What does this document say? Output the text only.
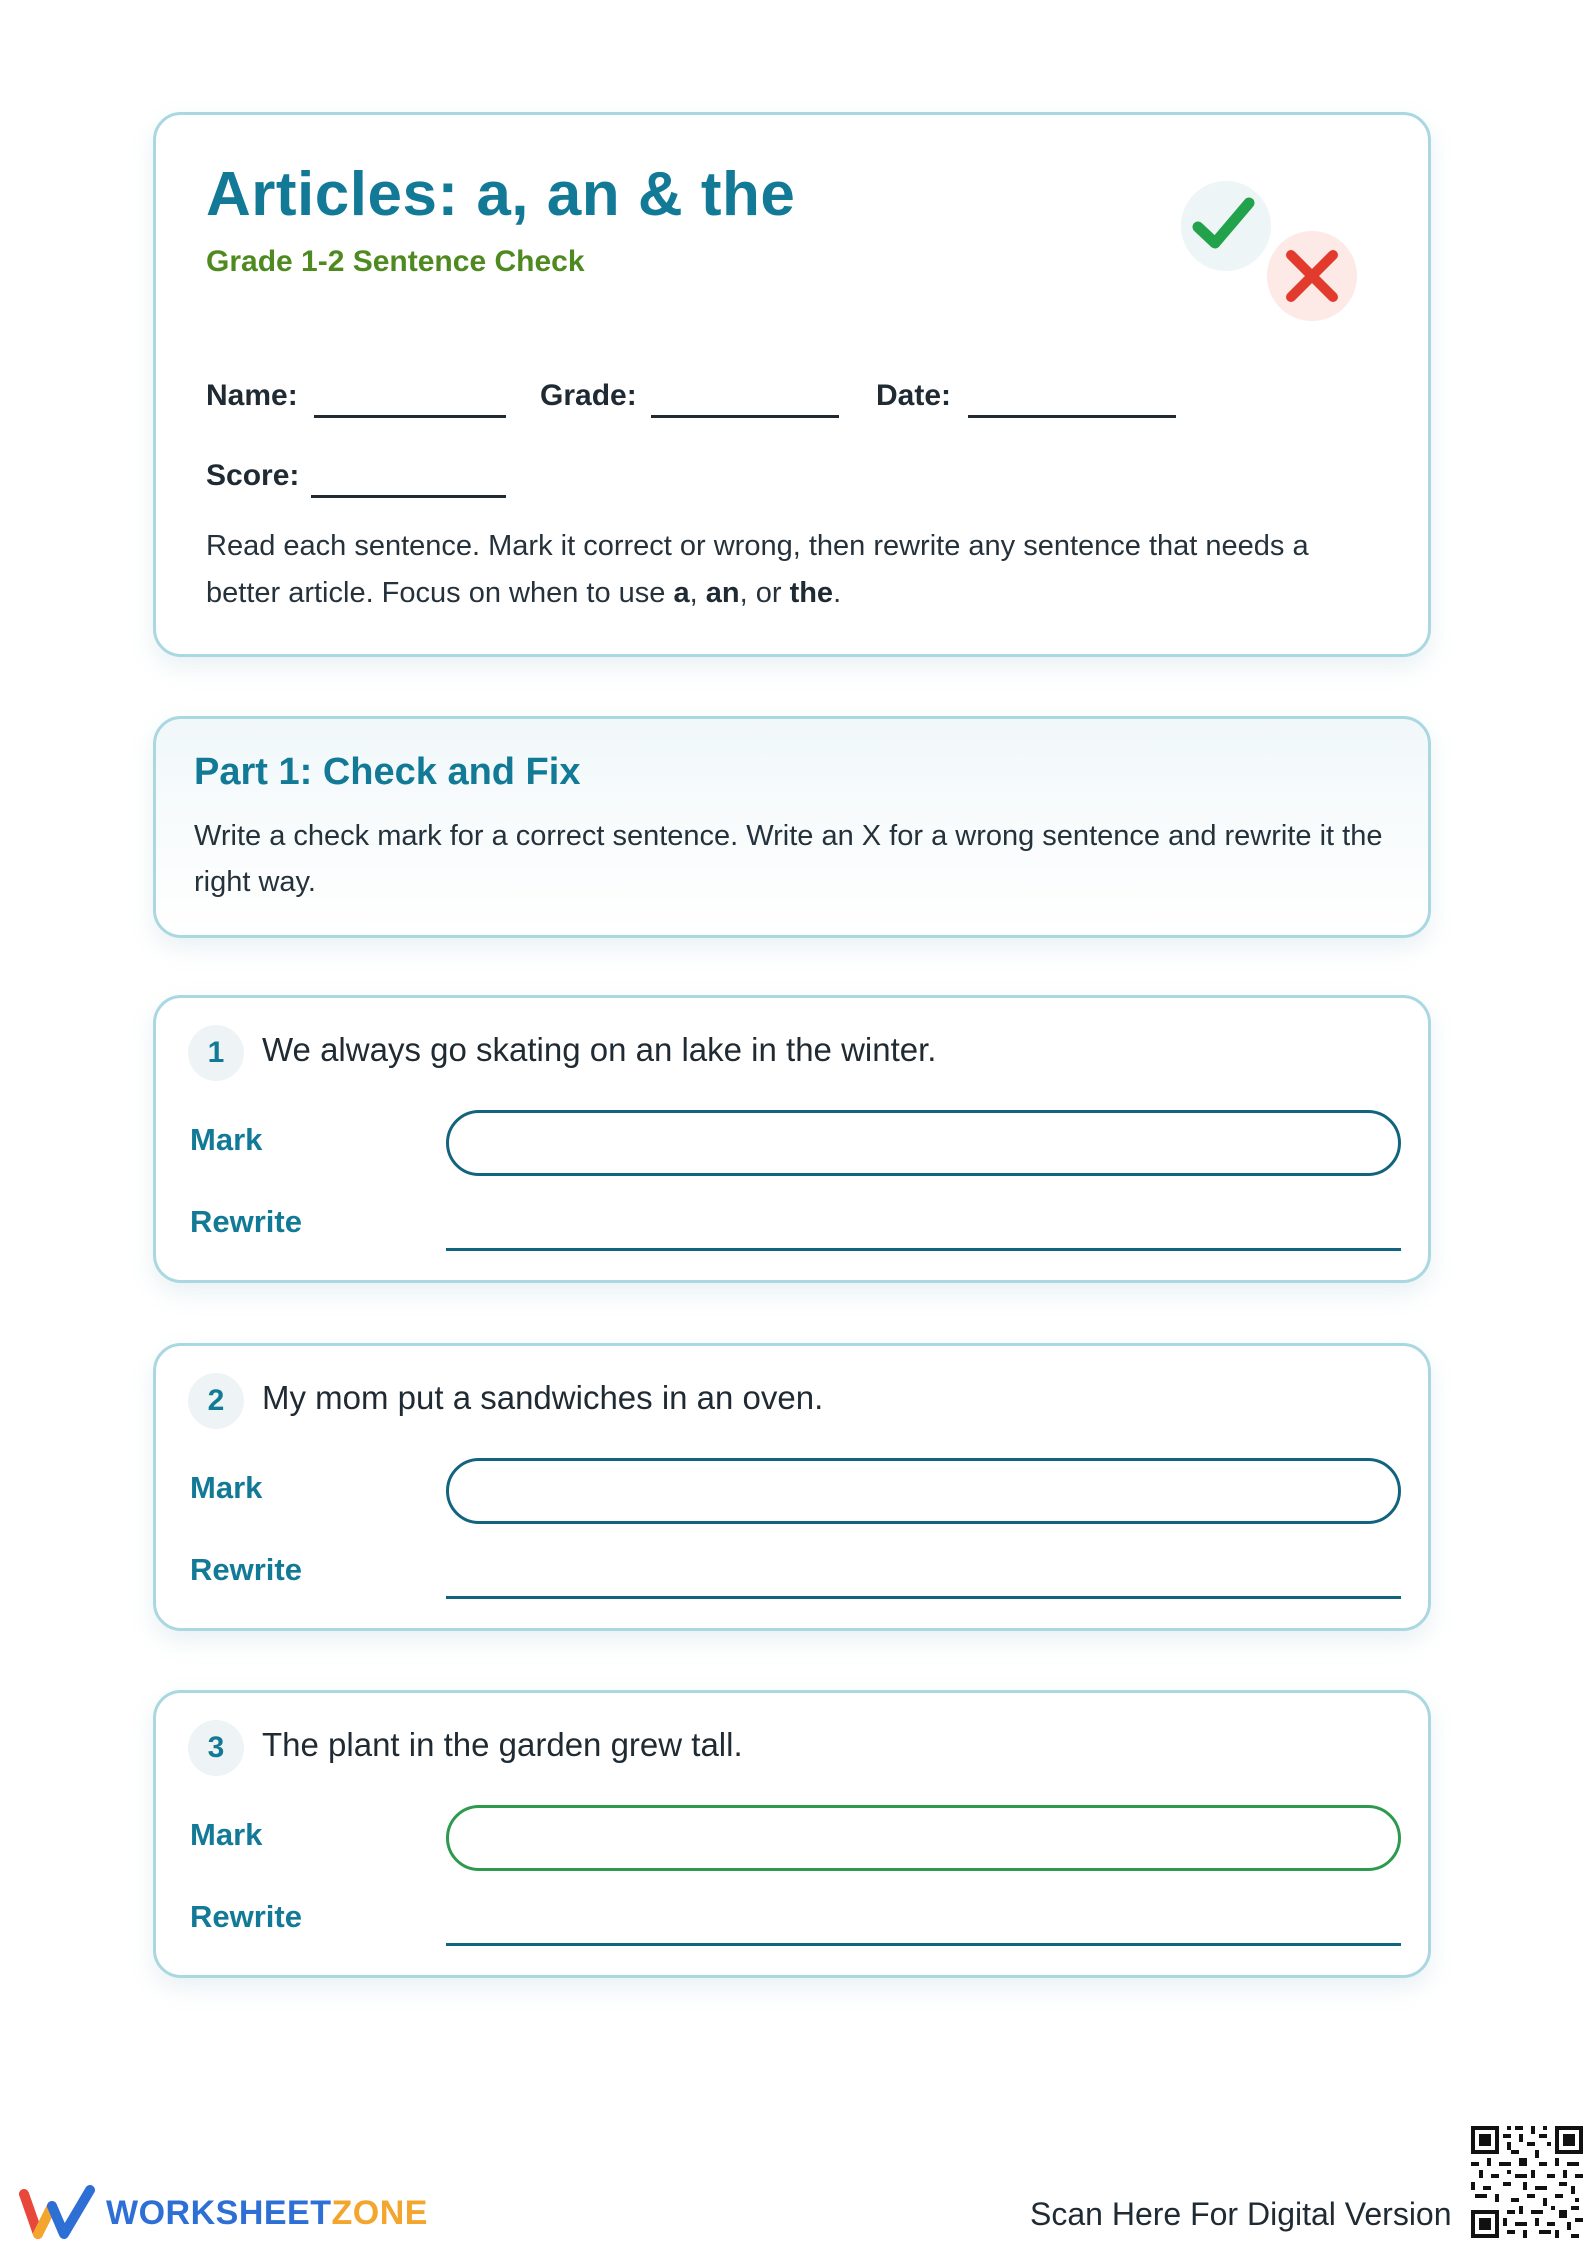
Articles: a, an & the
Grade 1-2 Sentence Check
Name:	Grade:	Date:
Score:
Read each sentence. Mark it correct or wrong, then rewrite any sentence that needs a better article. Focus on when to use a, an, or the.
Part 1: Check and Fix
Write a check mark for a correct sentence. Write an X for a wrong sentence and rewrite it the right way.
1	We always go skating on an lake in the winter.
Mark
Rewrite
2	My mom put a sandwiches in an oven.
Mark
Rewrite
3	The plant in the garden grew tall.
Mark
Rewrite
WORKSHEETZONE	Scan Here For Digital Version
